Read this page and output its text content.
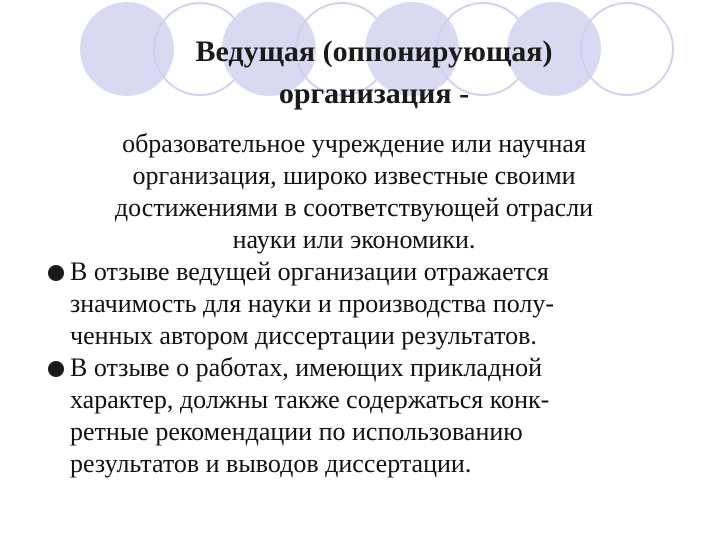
Ведущая (оппонирующая)
организация -
образовательное учреждение или научная
организация, широко известные своими
достижениями в соответствующей отрасли
науки или экономики.
В отзыве ведущей организации отражается
значимость для науки и производства полу-
ченных автором диссертации результатов.
В отзыве о работах, имеющих прикладной
характер, должны также содержаться конк-
ретные рекомендации по использованию
результатов и выводов диссертации.
